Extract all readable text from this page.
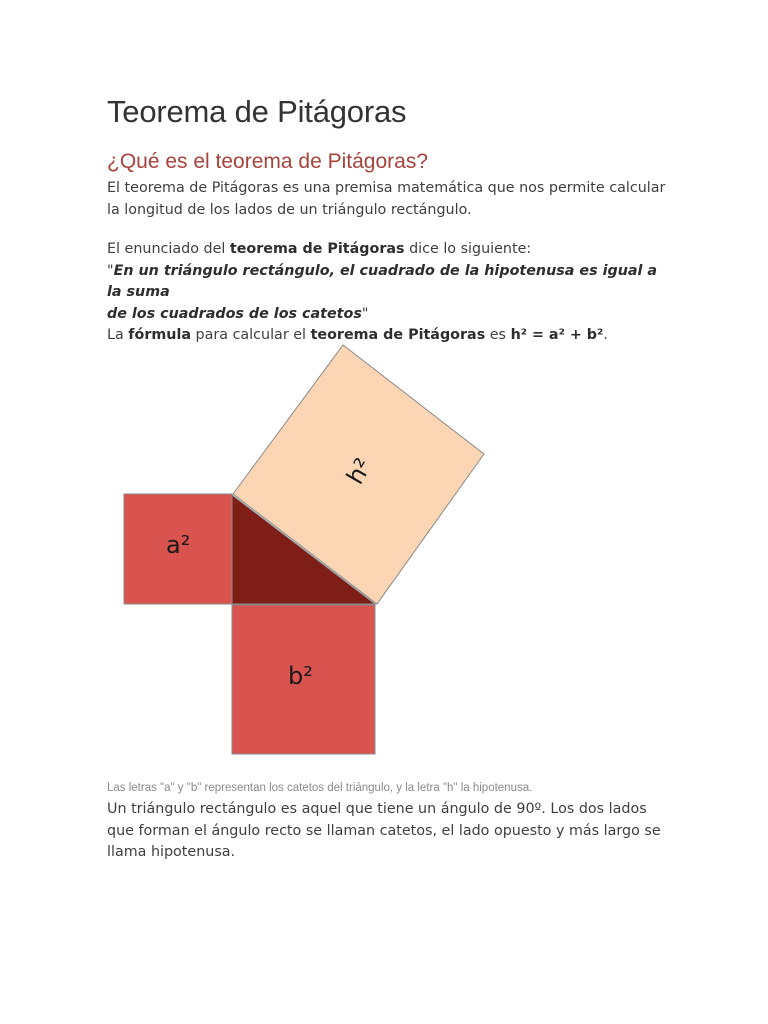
Teorema de Pitágoras
¿Qué es el teorema de Pitágoras?

El teorema de Pitágoras es una premisa matemática que nos permite calcular
la longitud de los lados de un triángulo rectángulo.

El enunciado del teorema de Pitágoras dice lo siguiente:
"En un triángulo rectángulo, el cuadrado de la hipotenusa es igual a la suma
de los cuadrados de los catetos"
La fórmula para calcular el teorema de Pitágoras es h² = a² + b².

a²
b²
h²

Las letras "a" y "b" representan los catetos del triángulo, y la letra "h" la hipotenusa.

Un triángulo rectángulo es aquel que tiene un ángulo de 90º. Los dos lados
que forman el ángulo recto se llaman catetos, el lado opuesto y más largo se
llama hipotenusa.
